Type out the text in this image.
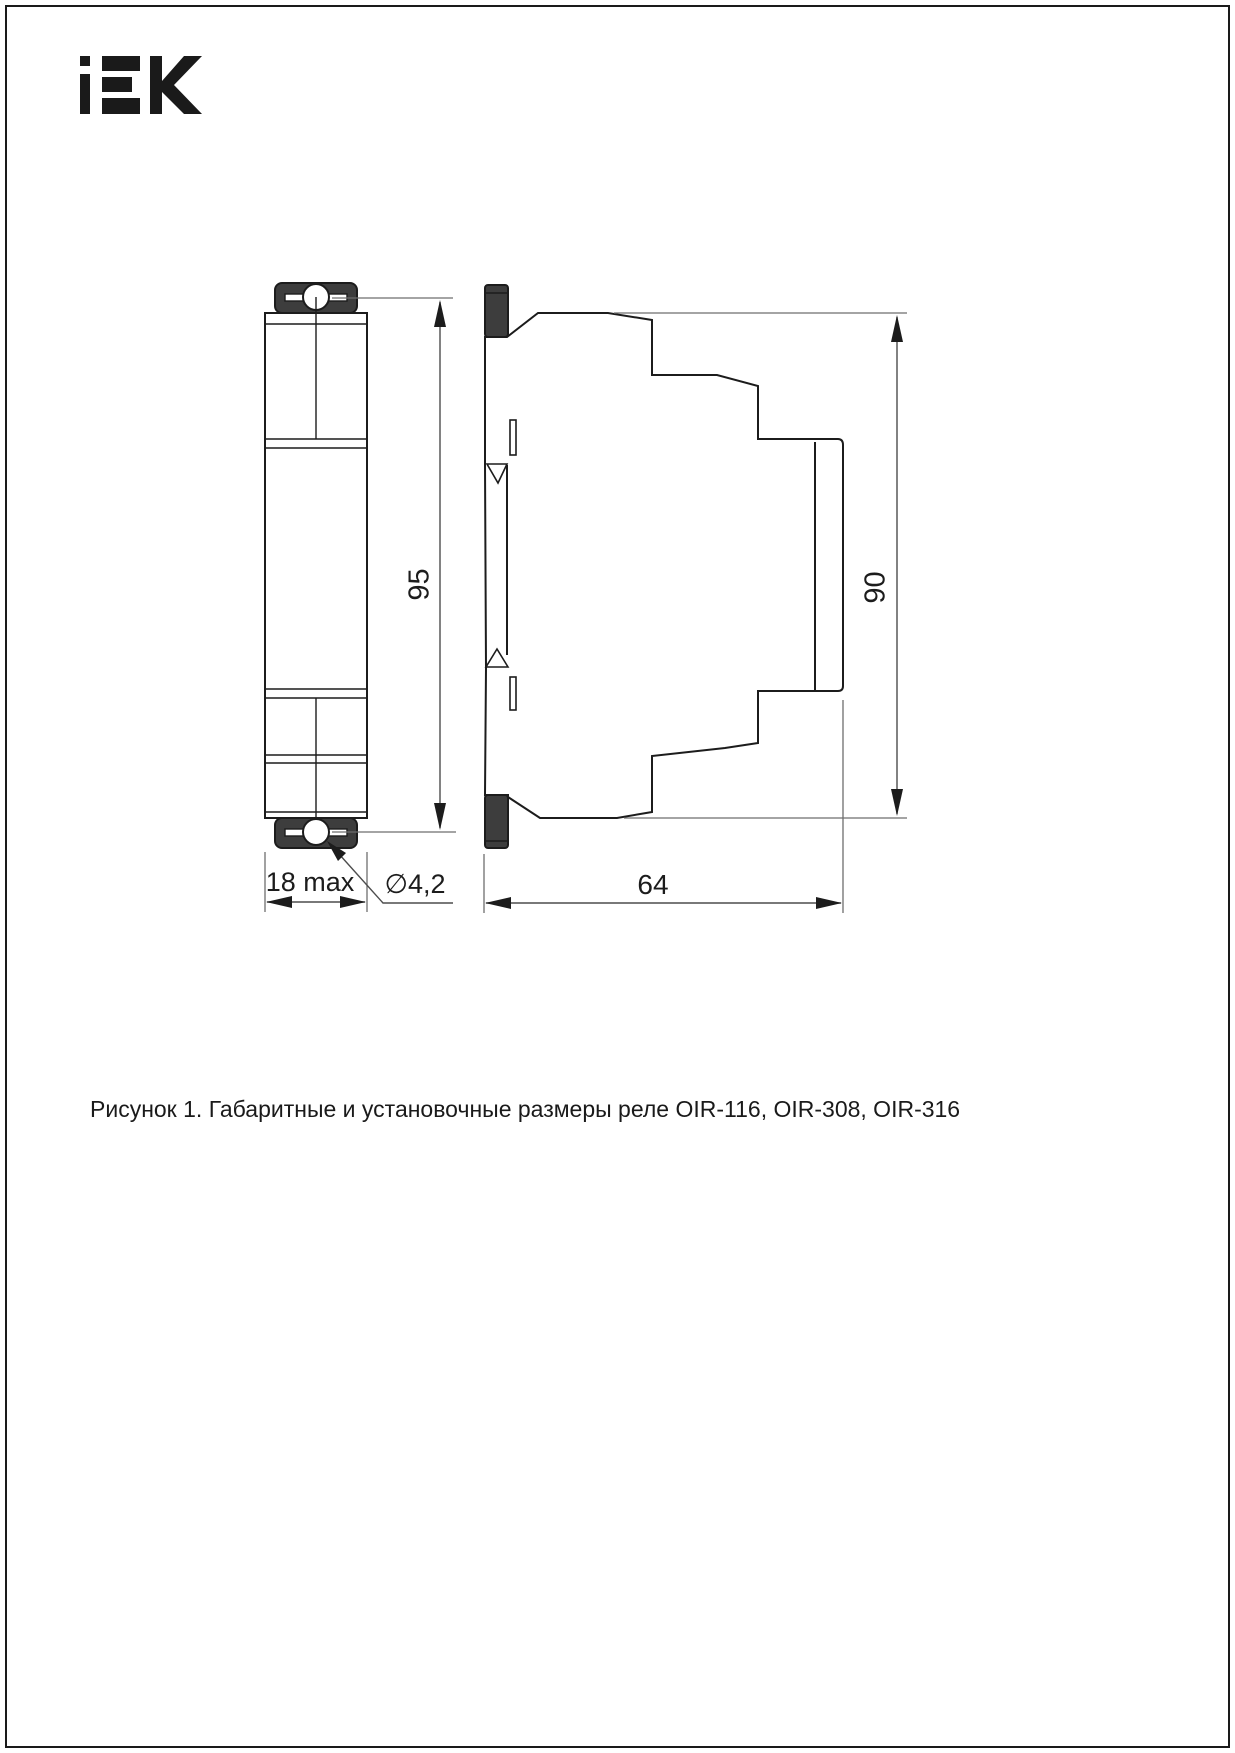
95	90
18 max	∅4,2	64
Рисунок 1. Габаритные и установочные размеры реле OIR-116, OIR-308, OIR-316
